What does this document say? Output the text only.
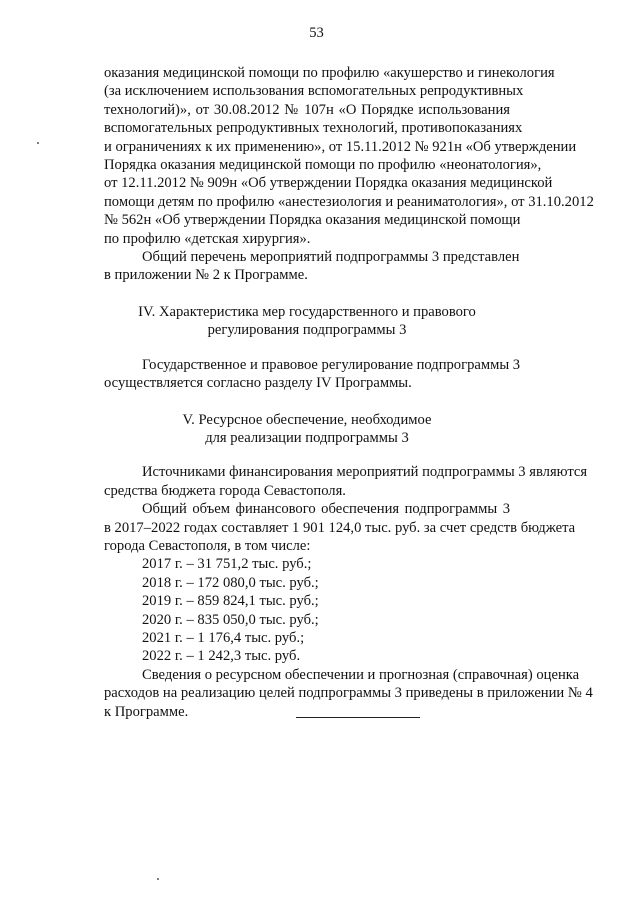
53

оказания медицинской помощи по профилю «акушерство и гинекология

(за исключением использования вспомогательных репродуктивных

технологий)», от 30.08.2012 № 107н «О Порядке использования

вспомогательных репродуктивных технологий, противопоказаниях

и ограничениях к их применению», от 15.11.2012 № 921н «Об утверждении

Порядка оказания медицинской помощи по профилю «неонатология»,

от 12.11.2012 № 909н «Об утверждении Порядка оказания медицинской

помощи детям по профилю «анестезиология и реаниматология», от 31.10.2012

№ 562н «Об утверждении Порядка оказания медицинской помощи

по профилю «детская хирургия».

Общий перечень мероприятий подпрограммы 3 представлен

в приложении № 2 к Программе.

IV. Характеристика мер государственного и правового

регулирования подпрограммы 3

Государственное и правовое регулирование подпрограммы 3

осуществляется согласно разделу IV Программы.

V. Ресурсное обеспечение, необходимое

для реализации подпрограммы 3

Источниками финансирования мероприятий подпрограммы 3 являются

средства бюджета города Севастополя.

Общий объем финансового обеспечения подпрограммы 3

в 2017–2022 годах составляет 1 901 124,0 тыс. руб. за счет средств бюджета

города Севастополя, в том числе:

2017 г. – 31 751,2 тыс. руб.;

2018 г. – 172 080,0 тыс. руб.;

2019 г. – 859 824,1 тыс. руб.;

2020 г. – 835 050,0 тыс. руб.;

2021 г. – 1 176,4 тыс. руб.;

2022 г. – 1 242,3 тыс. руб.

Сведения о ресурсном обеспечении и прогнозная (справочная) оценка

расходов на реализацию целей подпрограммы 3 приведены в приложении № 4

к Программе.
